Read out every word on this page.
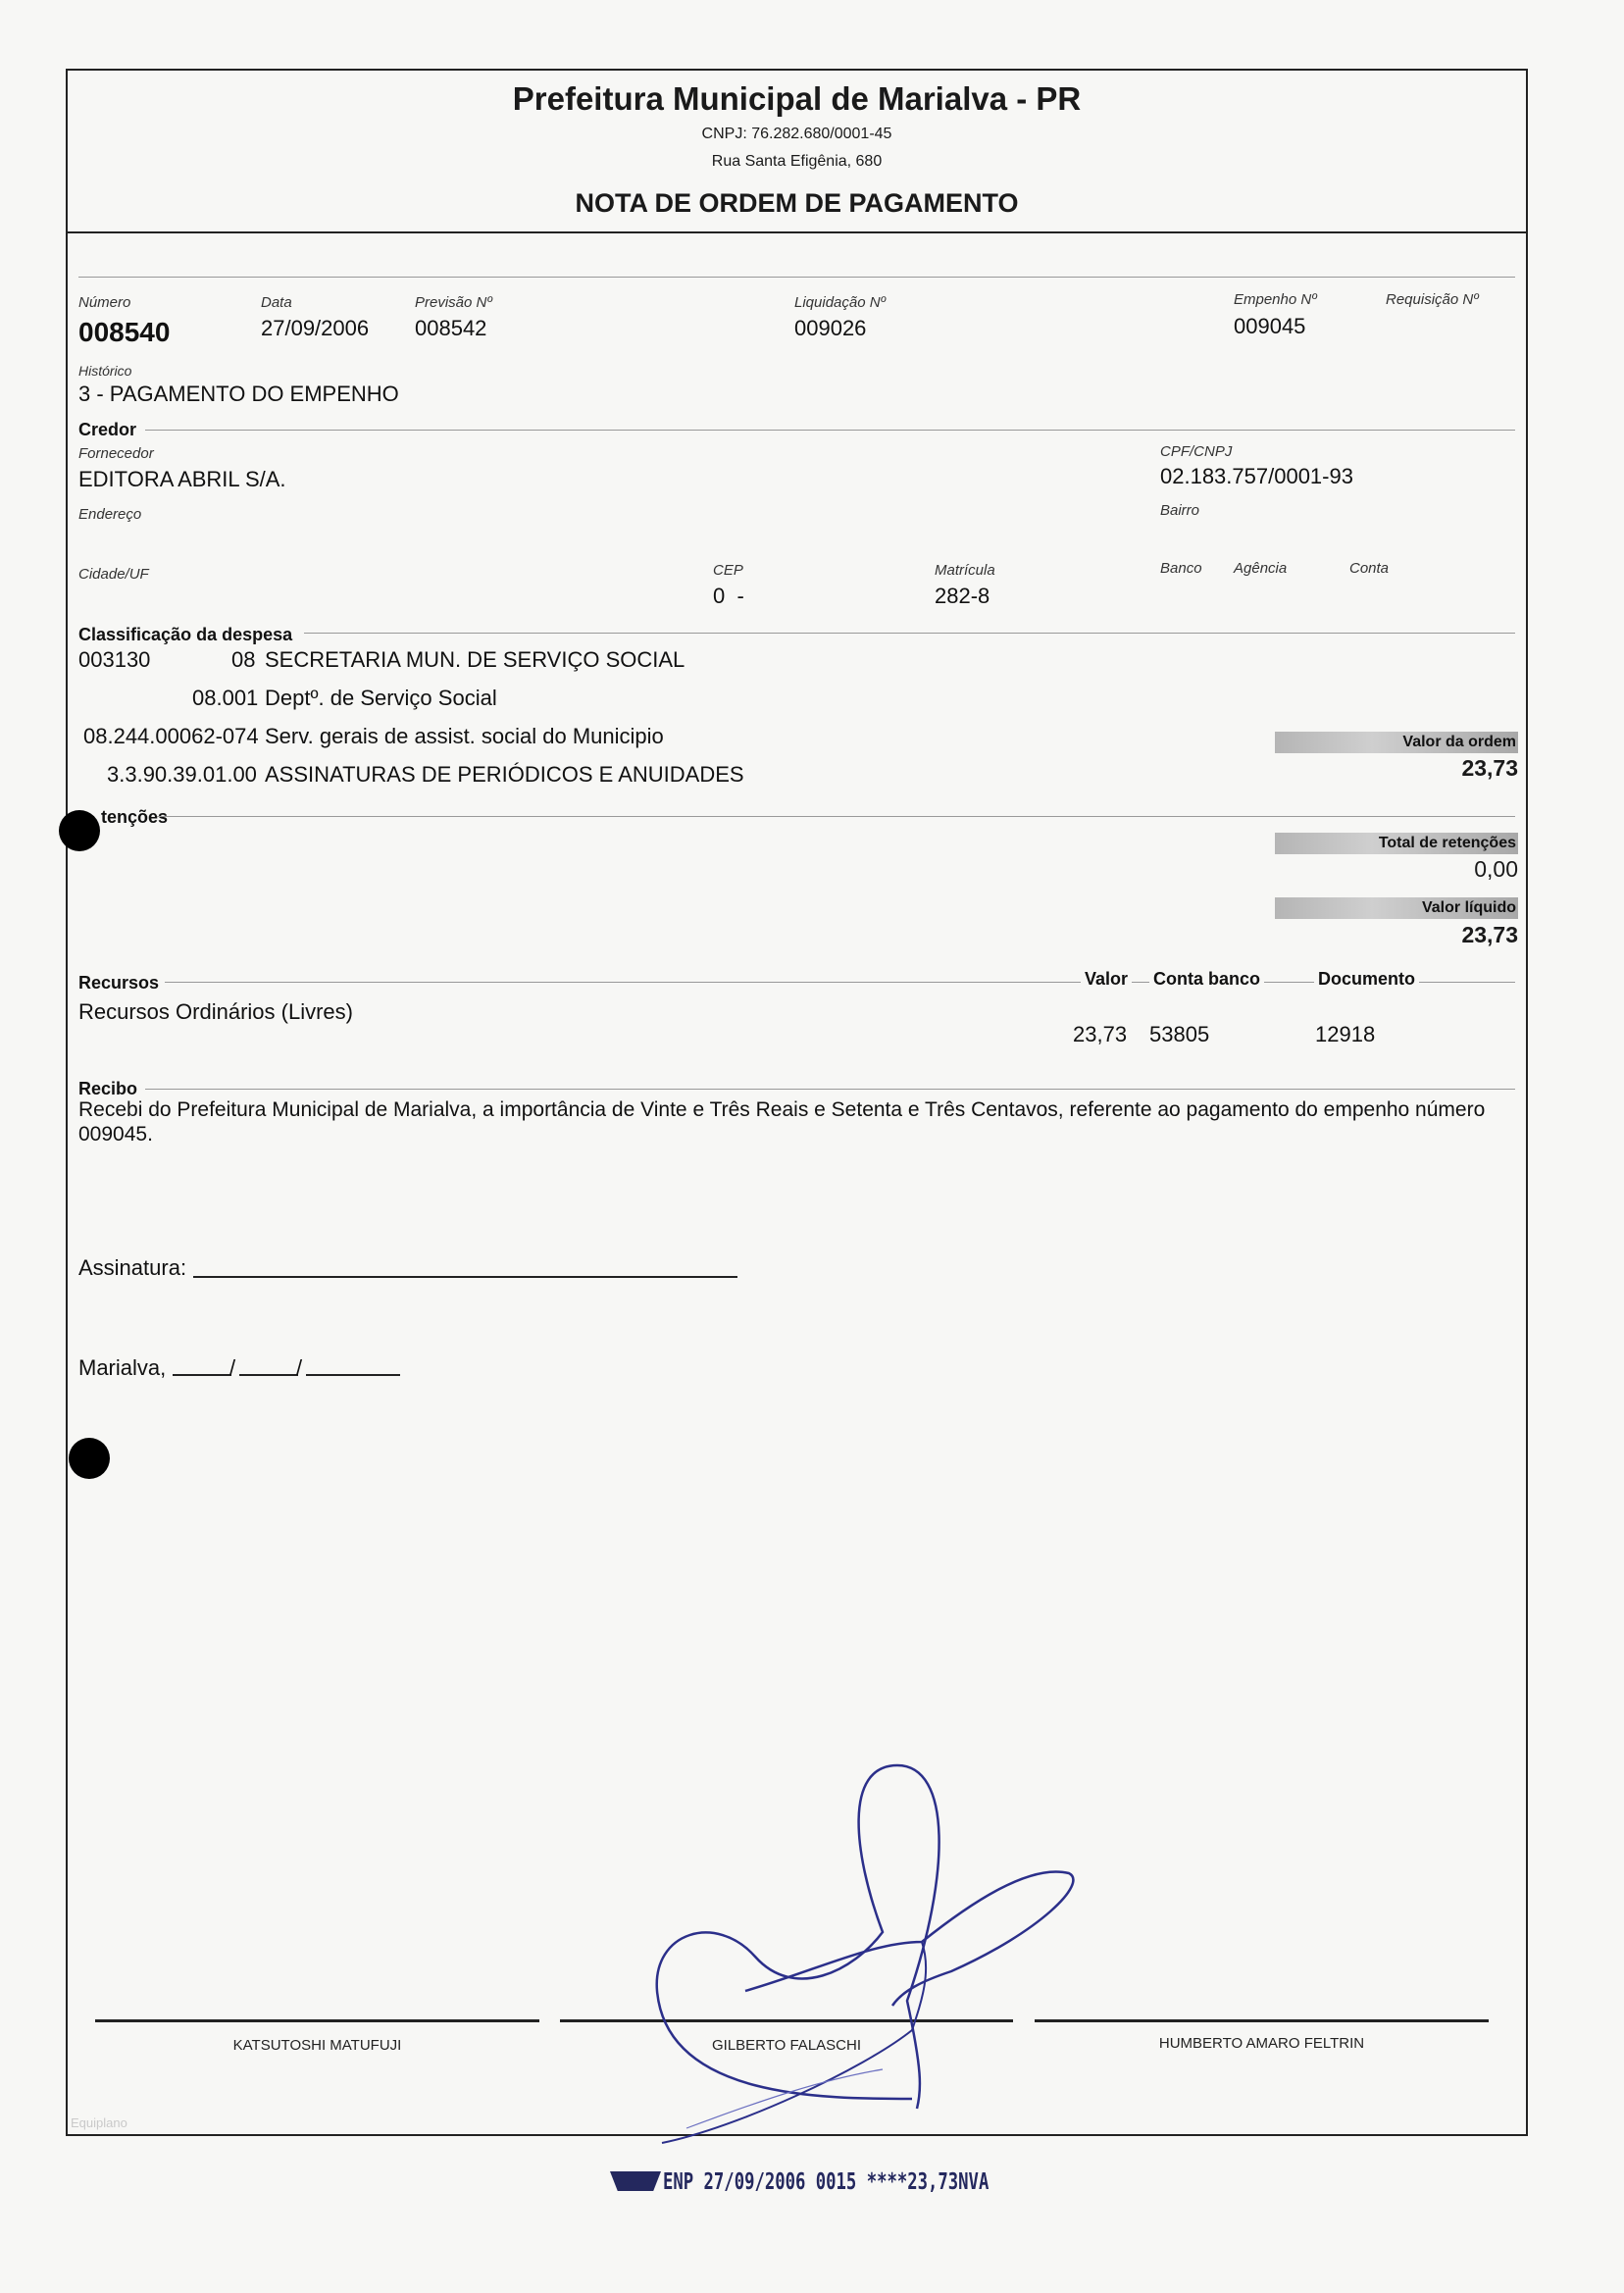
Prefeitura Municipal de Marialva - PR
CNPJ: 76.282.680/0001-45
Rua Santa Efigênia, 680
NOTA DE ORDEM DE PAGAMENTO
Número
008540
Data
27/09/2006
Previsão Nº
008542
Liquidação Nº
009026
Empenho Nº
009045
Requisição Nº
Histórico
3 - PAGAMENTO DO EMPENHO
Credor
Fornecedor
EDITORA ABRIL S/A.
CPF/CNPJ
02.183.757/0001-93
Endereço	Bairro
Cidade/UF	CEP
0  -
Matrícula
282-8
Banco Agência	Conta
Classificação da despesa
003130	08 SECRETARIA MUN. DE SERVIÇO SOCIAL
08.001 Deptº. de Serviço Social
08.244.00062-074 Serv. gerais de assist. social do Municipio
3.3.90.39.01.00 ASSINATURAS DE PERIÓDICOS E ANUIDADES
Valor da ordem
23,73
tenções
Total de retenções
0,00
Valor líquido
23,73
Recursos	Valor Conta banco	Documento
Recursos Ordinários (Livres)
23,73 53805	12918
Recibo
Recebi do Prefeitura Municipal de Marialva, a importância de Vinte e Três Reais e Setenta e Três Centavos, referente ao pagamento do empenho número 009045.
Assinatura:
Marialva,	/	/
KATSUTOSHI MATUFUJI	GILBERTO FALASCHI	HUMBERTO AMARO FELTRIN
Equiplano
ENP 27/09/2006 0015 ****23,73NVA
